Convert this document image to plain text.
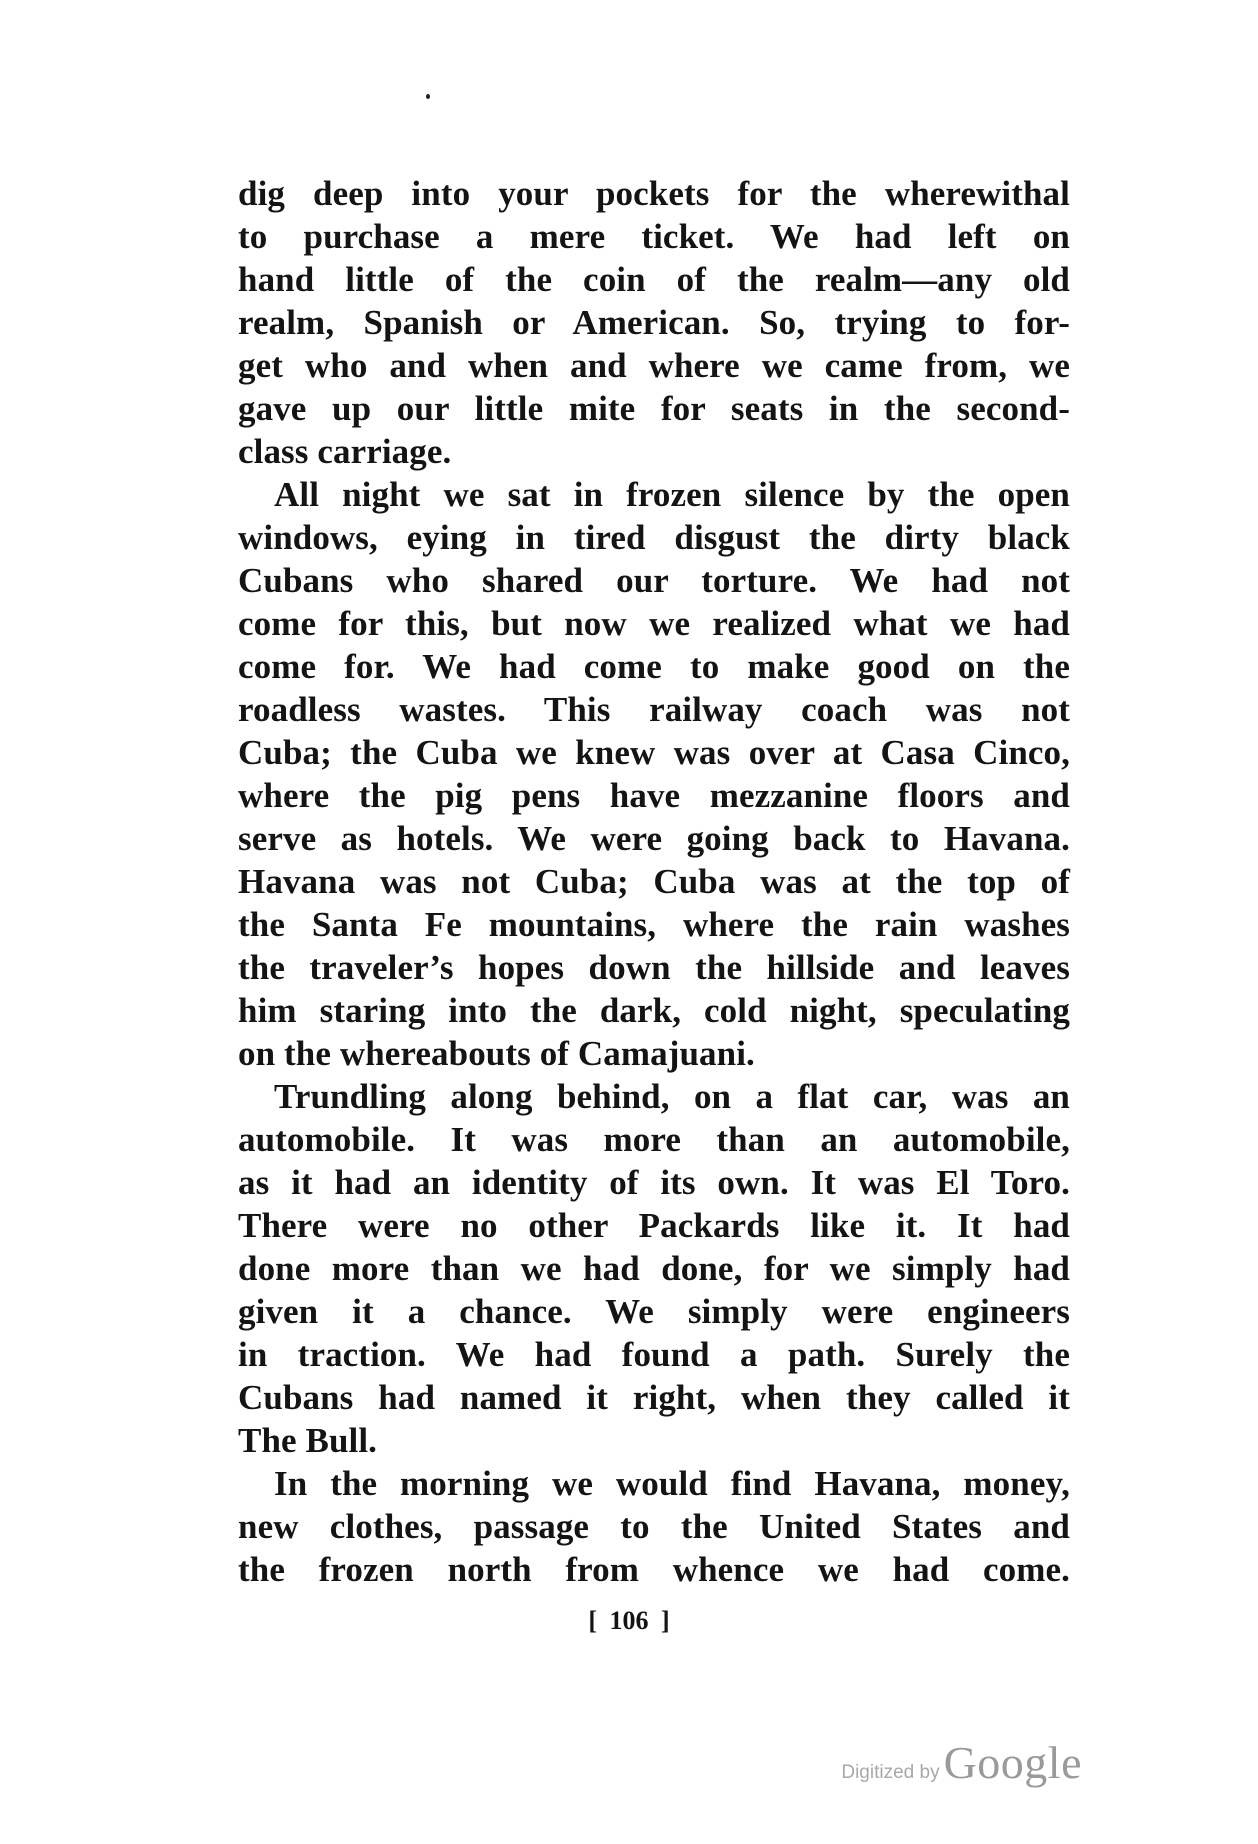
dig deep into your pockets for the wherewithal
to purchase a mere ticket. We had left on
hand little of the coin of the realm—any old
realm, Spanish or American. So, trying to for-
get who and when and where we came from, we
gave up our little mite for seats in the second-
class carriage.
All night we sat in frozen silence by the open
windows, eying in tired disgust the dirty black
Cubans who shared our torture. We had not
come for this, but now we realized what we had
come for. We had come to make good on the
roadless wastes. This railway coach was not
Cuba; the Cuba we knew was over at Casa Cinco,
where the pig pens have mezzanine floors and
serve as hotels. We were going back to Havana.
Havana was not Cuba; Cuba was at the top of
the Santa Fe mountains, where the rain washes
the traveler’s hopes down the hillside and leaves
him staring into the dark, cold night, speculating
on the whereabouts of Camajuani.
Trundling along behind, on a flat car, was an
automobile. It was more than an automobile,
as it had an identity of its own. It was El Toro.
There were no other Packards like it. It had
done more than we had done, for we simply had
given it a chance. We simply were engineers
in traction. We had found a path. Surely the
Cubans had named it right, when they called it
The Bull.
In the morning we would find Havana, money,
new clothes, passage to the United States and
the frozen north from whence we had come.
[ 106 ]
Digitized by Google
